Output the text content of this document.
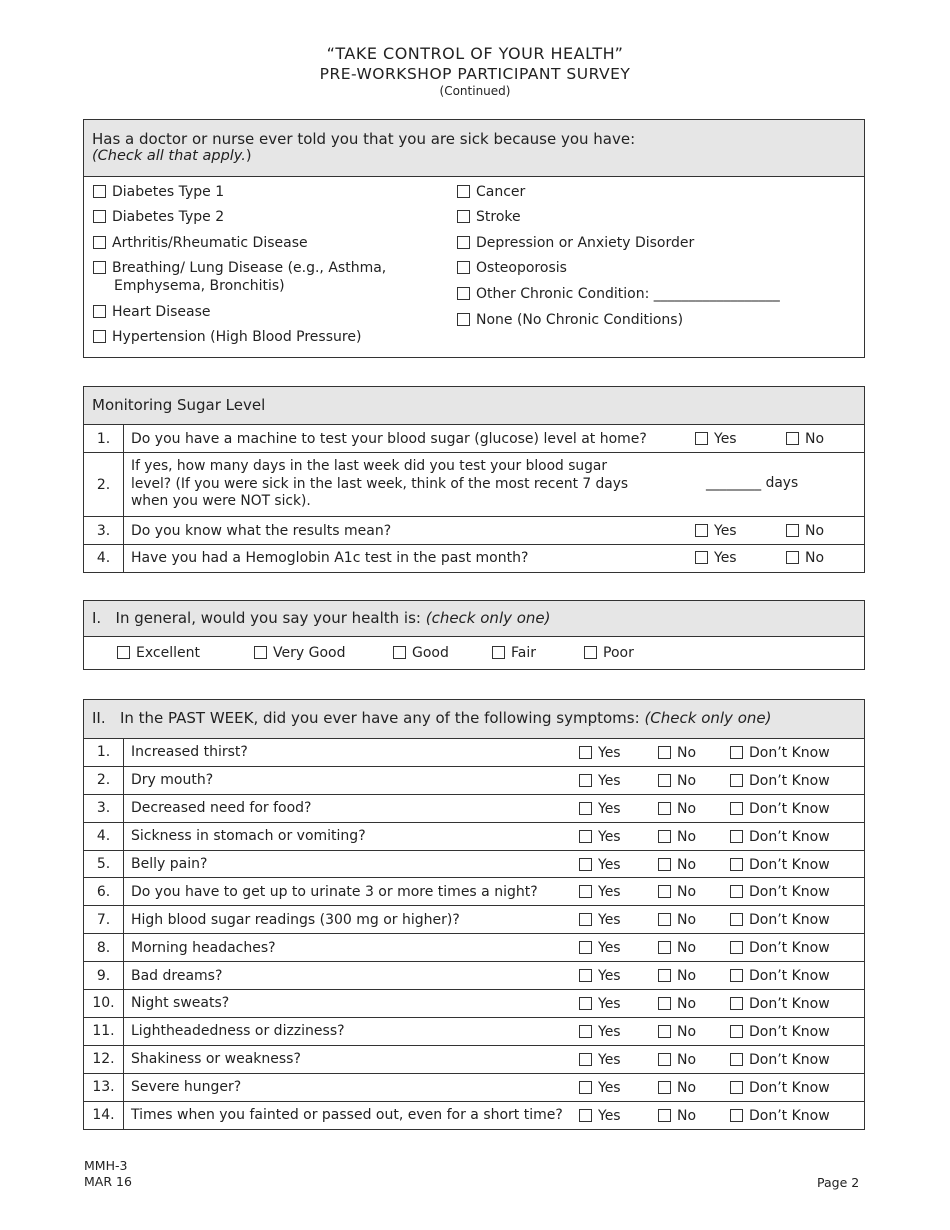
“TAKE CONTROL OF YOUR HEALTH”
PRE-WORKSHOP PARTICIPANT SURVEY
(Continued)
Has a doctor or nurse ever told you that you are sick because you have:
(Check all that apply.)
Diabetes Type 1
Diabetes Type 2
Arthritis/Rheumatic Disease
Breathing/ Lung Disease (e.g., Asthma,
Emphysema, Bronchitis)
Heart Disease
Hypertension (High Blood Pressure)
Cancer
Stroke
Depression or Anxiety Disorder
Osteoporosis
Other Chronic Condition: __________________
None (No Chronic Conditions)
Monitoring Sugar Level
1.	Do you have a machine to test your blood sugar (glucose) level at home? Yes No

2.	If yes, how many days in the last week did you test your blood sugar
level? (If you were sick in the last week, think of the most recent 7 days
when you were NOT sick).
________ days

3.	Do you know what the results mean? Yes No

4.	Have you had a Hemoglobin A1c test in the past month? Yes No
I. In general, would you say your health is: (check only one)
Excellent	Very Good	Good	Fair	Poor
II. In the PAST WEEK, did you ever have any of the following symptoms: (Check only one)
1.	Increased thirst? Yes No Don’t Know

2.	Dry mouth? Yes No Don’t Know

3.	Decreased need for food? Yes No Don’t Know

4.	Sickness in stomach or vomiting? Yes No Don’t Know

5.	Belly pain? Yes No Don’t Know

6.	Do you have to get up to urinate 3 or more times a night? Yes No Don’t Know

7.	High blood sugar readings (300 mg or higher)? Yes No Don’t Know

8.	Morning headaches? Yes No Don’t Know

9.	Bad dreams? Yes No Don’t Know

10.	Night sweats? Yes No Don’t Know

11.	Lightheadedness or dizziness? Yes No Don’t Know

12.	Shakiness or weakness? Yes No Don’t Know

13.	Severe hunger? Yes No Don’t Know

14.	Times when you fainted or passed out, even for a short time? Yes No Don’t Know
MMH-3
MAR 16	Page 2
